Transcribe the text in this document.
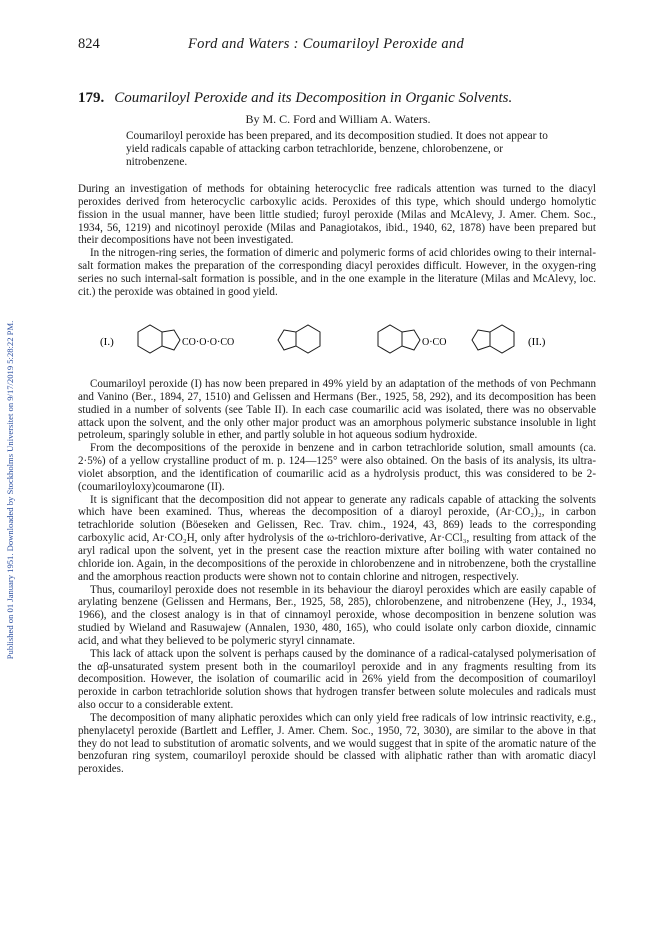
824	Ford and Waters : Coumariloyl Peroxide and
Published on 01 January 1951. Downloaded by Stockholms Universitet on 9/17/2019 5:28:22 PM.
179. Coumariloyl Peroxide and its Decomposition in Organic Solvents.
By M. C. Ford and William A. Waters.
Coumariloyl peroxide has been prepared, and its decomposition studied. It does not appear to yield radicals capable of attacking carbon tetrachloride, benzene, chlorobenzene, or nitrobenzene.

During an investigation of methods for obtaining heterocyclic free radicals attention was turned to the diacyl peroxides derived from heterocyclic carboxylic acids. Peroxides of this type, which should undergo homolytic fission in the usual manner, have been little studied; furoyl peroxide (Milas and McAlevy, J. Amer. Chem. Soc., 1934, 56, 1219) and nicotinoyl peroxide (Milas and Panagiotakos, ibid., 1940, 62, 1878) have been prepared but their decompositions have not been investigated.

In the nitrogen-ring series, the formation of dimeric and polymeric forms of acid chlorides owing to their internal-salt formation makes the preparation of the corresponding diacyl peroxides difficult. However, in the oxygen-ring series no such internal-salt formation is possible, and in the one example in the literature (Milas and McAlevy, loc. cit.) the peroxide was obtained in good yield.

(I.)	CO·O·O·CO	O·CO	(II.)

Coumariloyl peroxide (I) has now been prepared in 49% yield by an adaptation of the methods of von Pechmann and Vanino (Ber., 1894, 27, 1510) and Gelissen and Hermans (Ber., 1925, 58, 292), and its decomposition has been studied in a number of solvents (see Table II). In each case coumarilic acid was isolated, there was no observable attack upon the solvent, and the only other major product was an amorphous polymeric substance insoluble in light petroleum, sparingly soluble in ether, and partly soluble in hot aqueous sodium hydroxide.

From the decompositions of the peroxide in benzene and in carbon tetrachloride solution, small amounts (ca. 2·5%) of a yellow crystalline product of m. p. 124—125° were also obtained. On the basis of its analysis, its ultra-violet absorption, and the identification of coumarilic acid as a hydrolysis product, this was considered to be 2-(coumariloyloxy)coumarone (II).

It is significant that the decomposition did not appear to generate any radicals capable of attacking the solvents which have been examined. Thus, whereas the decomposition of a diaroyl peroxide, (Ar·CO₂)₂, in carbon tetrachloride solution (Böeseken and Gelissen, Rec. Trav. chim., 1924, 43, 869) leads to the corresponding carboxylic acid, Ar·CO₂H, only after hydrolysis of the ω-trichloro-derivative, Ar·CCl₃, resulting from attack of the aryl radical upon the solvent, yet in the present case the reaction mixture after boiling with water contained no chloride ion. Again, in the decompositions of the peroxide in chlorobenzene and in nitrobenzene, both the crystalline and the amorphous reaction products were shown not to contain chlorine and nitrogen, respectively.

Thus, coumariloyl peroxide does not resemble in its behaviour the diaroyl peroxides which are easily capable of arylating benzene (Gelissen and Hermans, Ber., 1925, 58, 285), chlorobenzene, and nitrobenzene (Hey, J., 1934, 1966), and the closest analogy is in that of cinnamoyl peroxide, whose decomposition in benzene solution was studied by Wieland and Rasuwajew (Annalen, 1930, 480, 165), who could isolate only carbon dioxide, cinnamic acid, and what they believed to be polymeric styryl cinnamate.

This lack of attack upon the solvent is perhaps caused by the dominance of a radical-catalysed polymerisation of the αβ-unsaturated system present both in the coumariloyl peroxide and in any fragments resulting from its decomposition. However, the isolation of coumarilic acid in 26% yield from the decomposition of coumariloyl peroxide in carbon tetrachloride solution shows that hydrogen transfer between solute molecules and radicals must also occur to a considerable extent.

The decomposition of many aliphatic peroxides which can only yield free radicals of low intrinsic reactivity, e.g., phenylacetyl peroxide (Bartlett and Leffler, J. Amer. Chem. Soc., 1950, 72, 3030), are similar to the above in that they do not lead to substitution of aromatic solvents, and we would suggest that in spite of the aromatic nature of the benzofuran ring system, coumariloyl peroxide should be classed with aliphatic rather than with aromatic diacyl peroxides.
